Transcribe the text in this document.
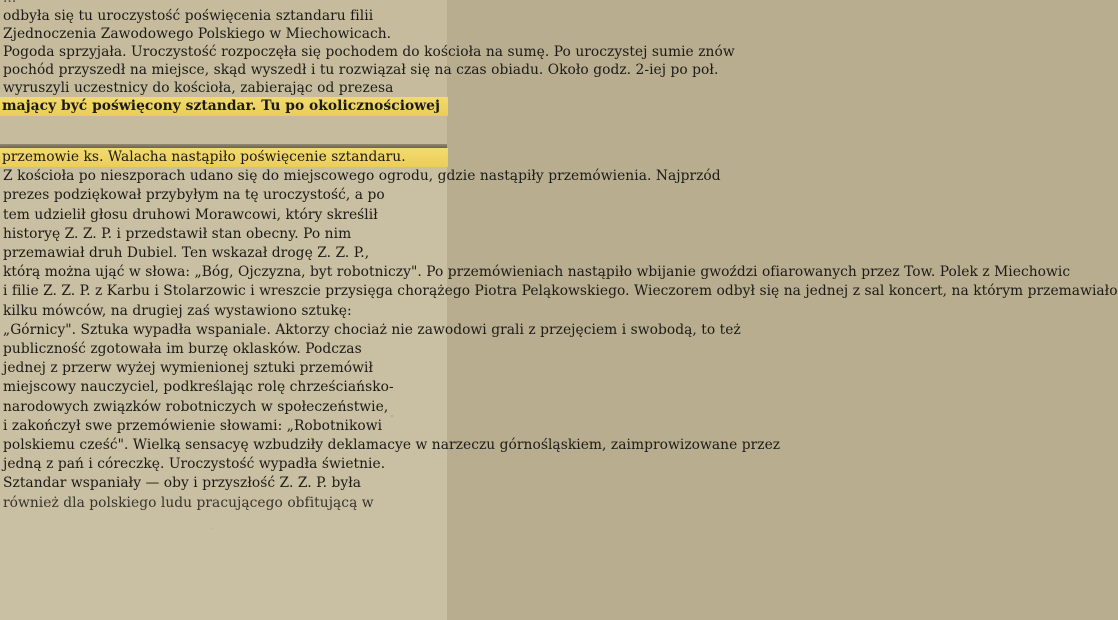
odbyła się tu uroczystość poświęcenia sztandaru filii
Zjednoczenia Zawodowego Polskiego w Miechowicach.
Pogoda sprzyjała. Uroczystość rozpoczęła się pochodem do kościoła na sumę. Po uroczystej sumie znów
pochód przyszedł na miejsce, skąd wyszedł i tu rozwiązał się na czas obiadu. Około godz. 2-iej po poł.
wyruszyli uczestnicy do kościoła, zabierając od prezesa
mający być poświęcony sztandar. Tu po okolicznościowej
przemowie ks. Walacha nastąpiło poświęcenie sztandaru.
Z kościoła po nieszporach udano się do miejscowego ogrodu, gdzie nastąpiły przemówienia. Najprzód
prezes podziękował przybyłym na tę uroczystość, a po
tem udzielił głosu druhowi Morawcowi, który skreślił
historyę Z. Z. P. i przedstawił stan obecny. Po nim
przemawiał druh Dubiel. Ten wskazał drogę Z. Z. P.,
którą można ująć w słowa: „Bóg, Ojczyzna, byt robotniczy". Po przemówieniach nastąpiło wbijanie gwoździ ofiarowanych przez Tow. Polek z Miechowic
i filie Z. Z. P. z Karbu i Stolarzowic i wreszcie przysięga chorążego Piotra Peląkowskiego. Wieczorem odbył się na jednej z sal koncert, na którym przemawiało
kilku mówców, na drugiej zaś wystawiono sztukę:
„Górnicy". Sztuka wypadła wspaniale. Aktorzy chociaż nie zawodowi grali z przejęciem i swobodą, to też
publiczność zgotowała im burzę oklasków. Podczas
jednej z przerw wyżej wymienionej sztuki przemówił
miejscowy nauczyciel, podkreślając rolę chrześciańsko-
narodowych związków robotniczych w społeczeństwie,
i zakończył swe przemówienie słowami: „Robotnikowi
polskiemu cześć". Wielką sensacyę wzbudziły deklamacye w narzeczu górnośląskiem, zaimprowizowane przez
jedną z pań i córeczkę. Uroczystość wypadła świetnie.
Sztandar wspaniały — oby i przyszłość Z. Z. P. była
również dla polskiego ludu pracującego obfitującą w
